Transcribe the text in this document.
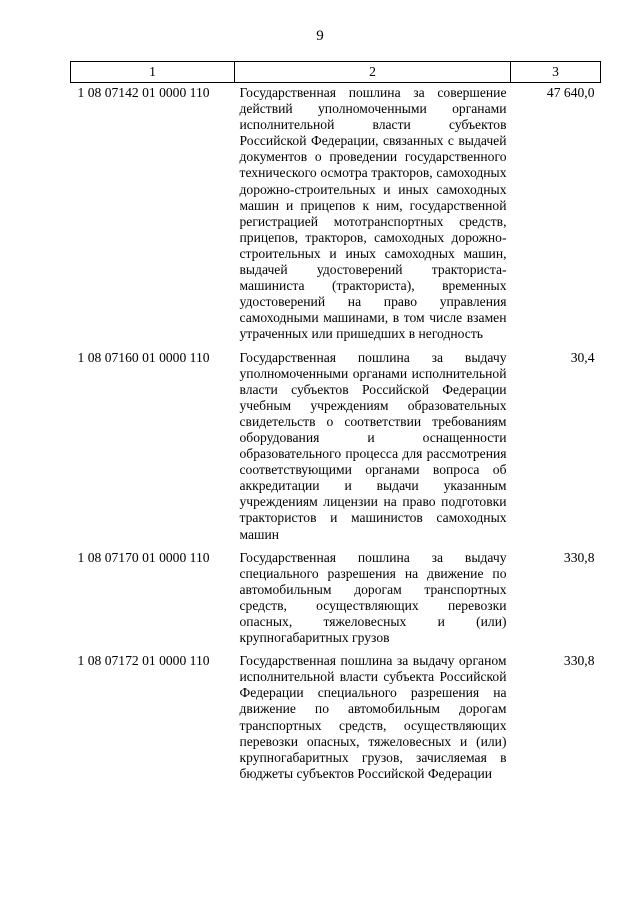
9
1	2	3
1 08 07142 01 0000 110	Государственная пошлина за совершение действий уполномоченными органами исполнительной власти субъектов Российской Федерации, связанных с выдачей документов о проведении государственного технического осмотра тракторов, самоходных дорожно-строительных и иных самоходных машин и прицепов к ним, государственной регистрацией мототранспортных средств, прицепов, тракторов, самоходных дорожно-строительных и иных самоходных машин, выдачей удостоверений тракториста-машиниста (тракториста), временных удостоверений на право управления самоходными машинами, в том числе взамен утраченных или пришедших в негодность	47 640,0
1 08 07160 01 0000 110	Государственная пошлина за выдачу уполномоченными органами исполнительной власти субъектов Российской Федерации учебным учреждениям образовательных свидетельств о соответствии требованиям оборудования и оснащенности образовательного процесса для рассмотрения соответствующими органами вопроса об аккредитации и выдачи указанным учреждениям лицензии на право подготовки трактористов и машинистов самоходных машин	30,4
1 08 07170 01 0000 110	Государственная пошлина за выдачу специального разрешения на движение по автомобильным дорогам транспортных средств, осуществляющих перевозки опасных, тяжеловесных и (или) крупногабаритных грузов	330,8
1 08 07172 01 0000 110	Государственная пошлина за выдачу органом исполнительной власти субъекта Российской Федерации специального разрешения на движение по автомобильным дорогам транспортных средств, осуществляющих перевозки опасных, тяжеловесных и (или) крупногабаритных грузов, зачисляемая в бюджеты субъектов Российской Федерации	330,8
